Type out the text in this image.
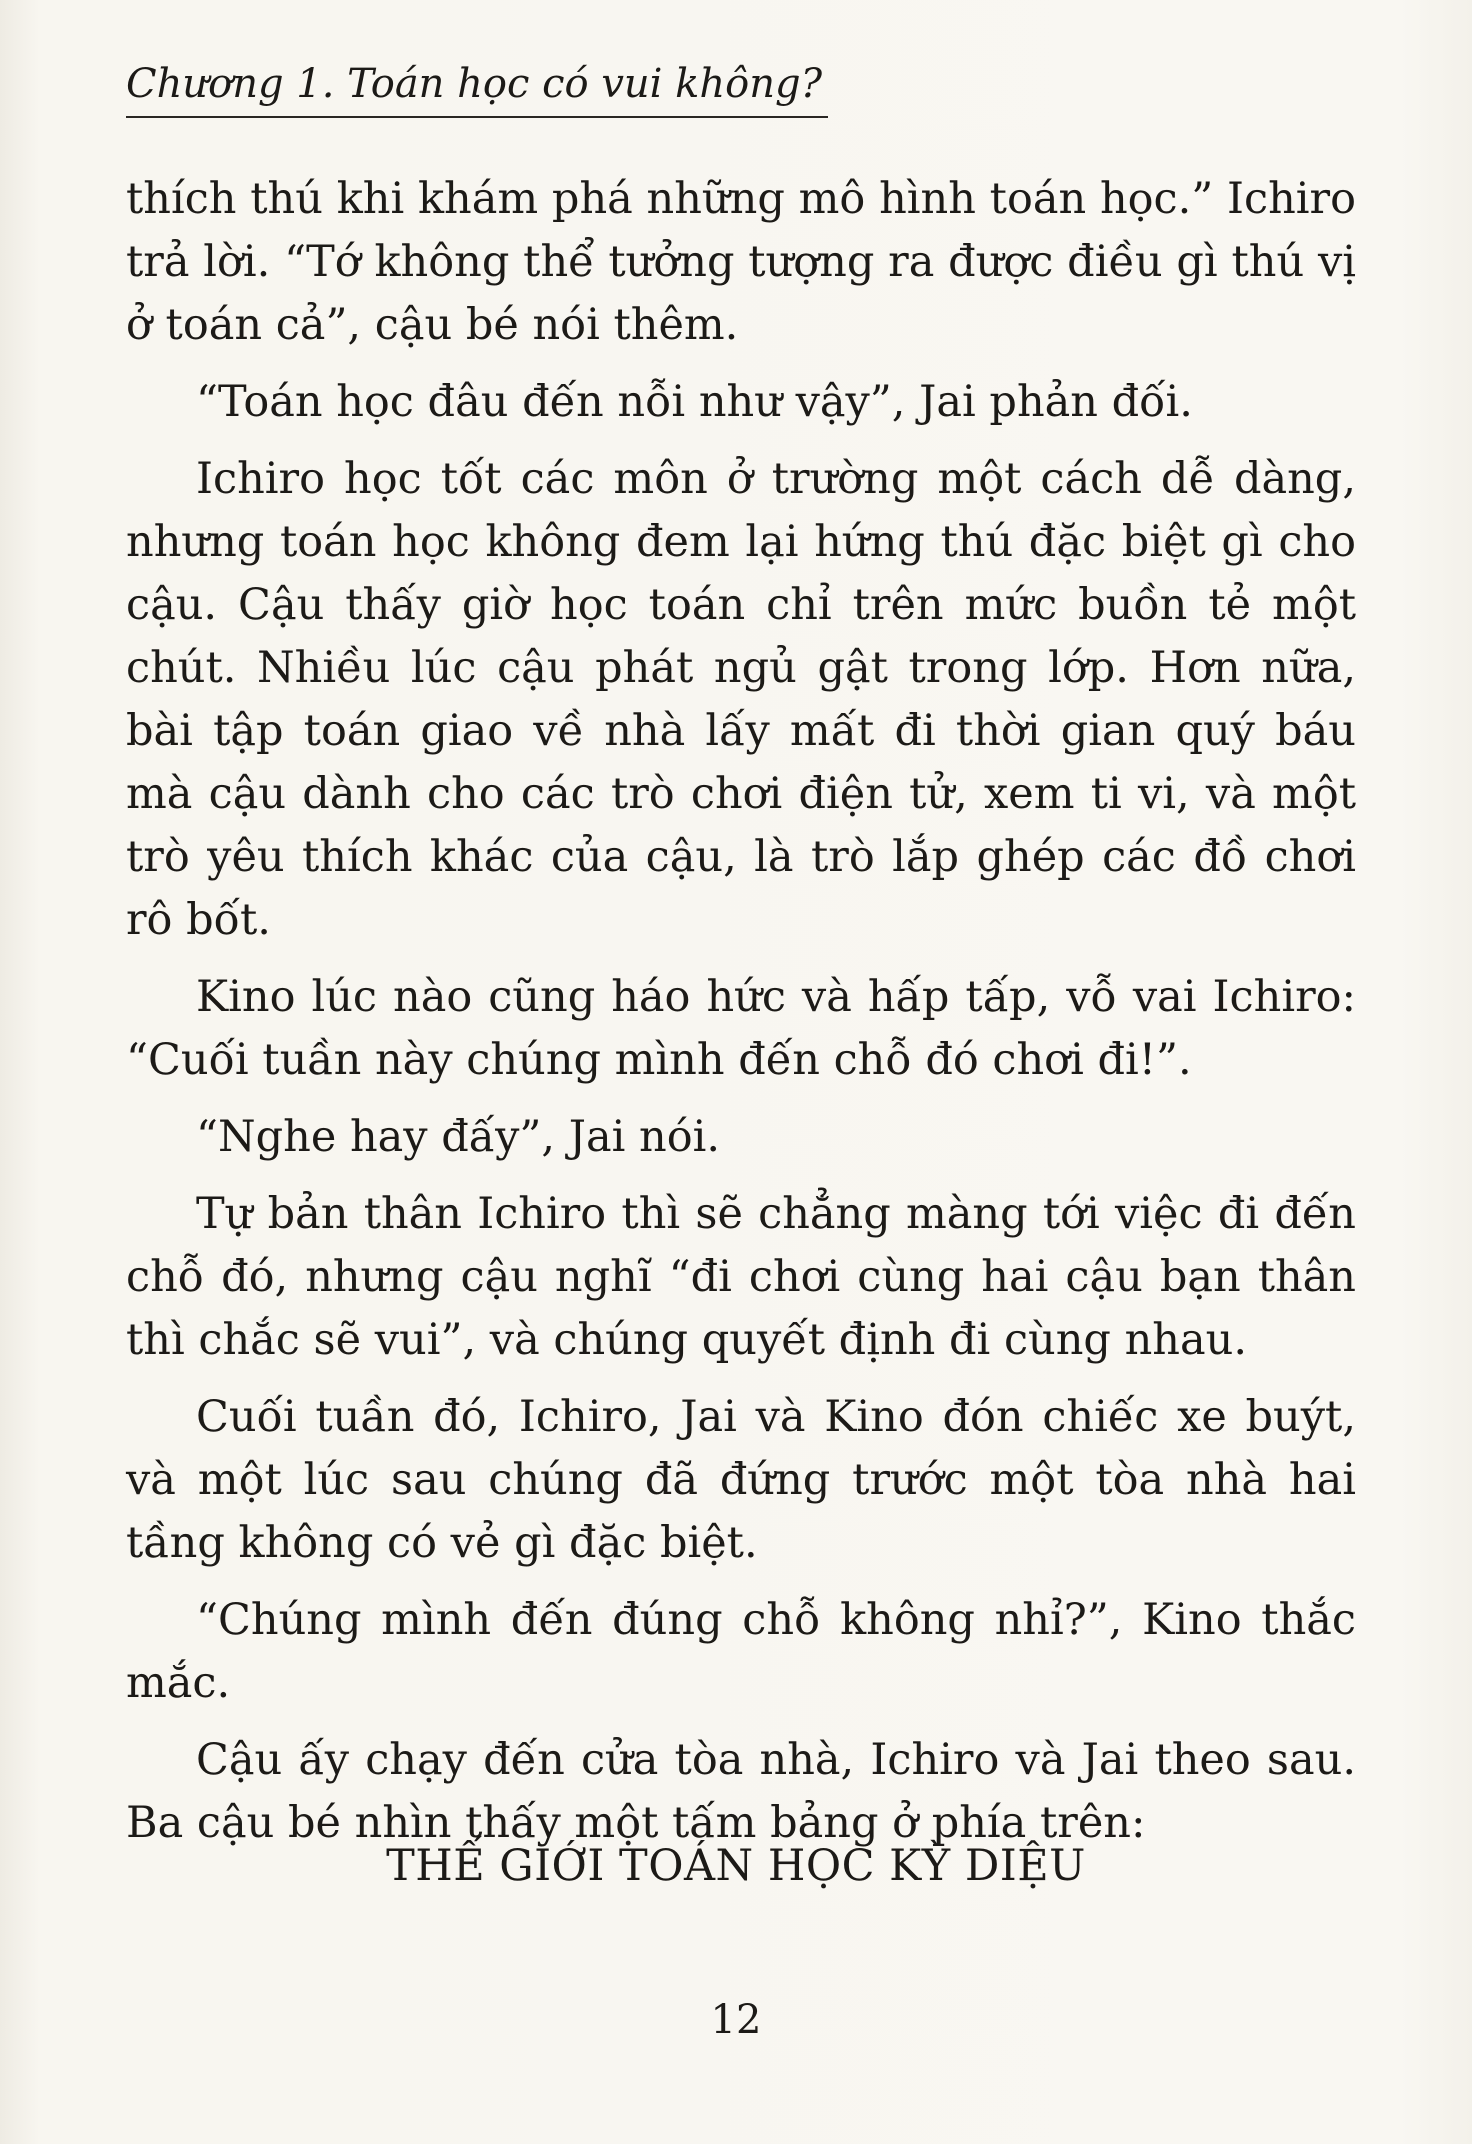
Chương 1. Toán học có vui không?

thích thú khi khám phá những mô hình toán học.” Ichiro trả lời. “Tớ không thể tưởng tượng ra được điều gì thú vị ở toán cả”, cậu bé nói thêm.

“Toán học đâu đến nỗi như vậy”, Jai phản đối.

Ichiro học tốt các môn ở trường một cách dễ dàng, nhưng toán học không đem lại hứng thú đặc biệt gì cho cậu. Cậu thấy giờ học toán chỉ trên mức buồn tẻ một chút. Nhiều lúc cậu phát ngủ gật trong lớp. Hơn nữa, bài tập toán giao về nhà lấy mất đi thời gian quý báu mà cậu dành cho các trò chơi điện tử, xem ti vi, và một trò yêu thích khác của cậu, là trò lắp ghép các đồ chơi rô bốt.

Kino lúc nào cũng háo hức và hấp tấp, vỗ vai Ichiro: “Cuối tuần này chúng mình đến chỗ đó chơi đi!”.

“Nghe hay đấy”, Jai nói.

Tự bản thân Ichiro thì sẽ chẳng màng tới việc đi đến chỗ đó, nhưng cậu nghĩ “đi chơi cùng hai cậu bạn thân thì chắc sẽ vui”, và chúng quyết định đi cùng nhau.

Cuối tuần đó, Ichiro, Jai và Kino đón chiếc xe buýt, và một lúc sau chúng đã đứng trước một tòa nhà hai tầng không có vẻ gì đặc biệt.

“Chúng mình đến đúng chỗ không nhỉ?”, Kino thắc mắc.

Cậu ấy chạy đến cửa tòa nhà, Ichiro và Jai theo sau. Ba cậu bé nhìn thấy một tấm bảng ở phía trên:

THẾ GIỚI TOÁN HỌC KỲ DIỆU
12
